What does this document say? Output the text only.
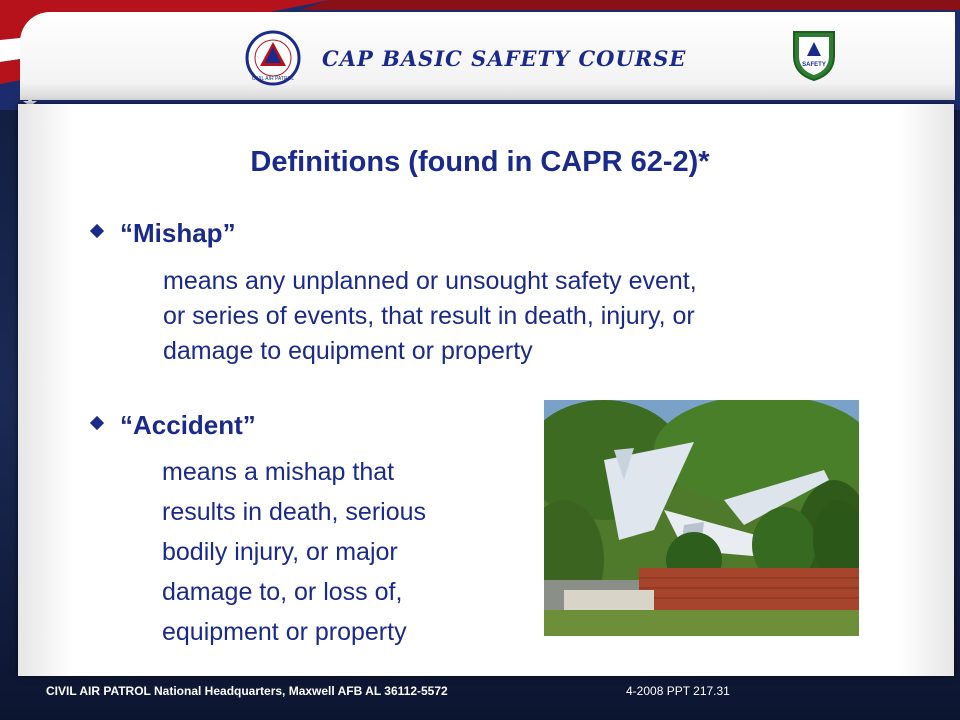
CIVIL AIR PATROL
CAP BASIC SAFETY COURSE	SAFETY
Definitions (found in CAPR 62-2)*
“Mishap”
means any unplanned or unsought safety event,
or series of events, that result in death, injury, or
damage to equipment or property
“Accident”
means a mishap that
results in death, serious
bodily injury, or major
damage to, or loss of,
equipment or property
CIVIL AIR PATROL National Headquarters, Maxwell AFB AL 36112-5572	4-2008 PPT 217.31
